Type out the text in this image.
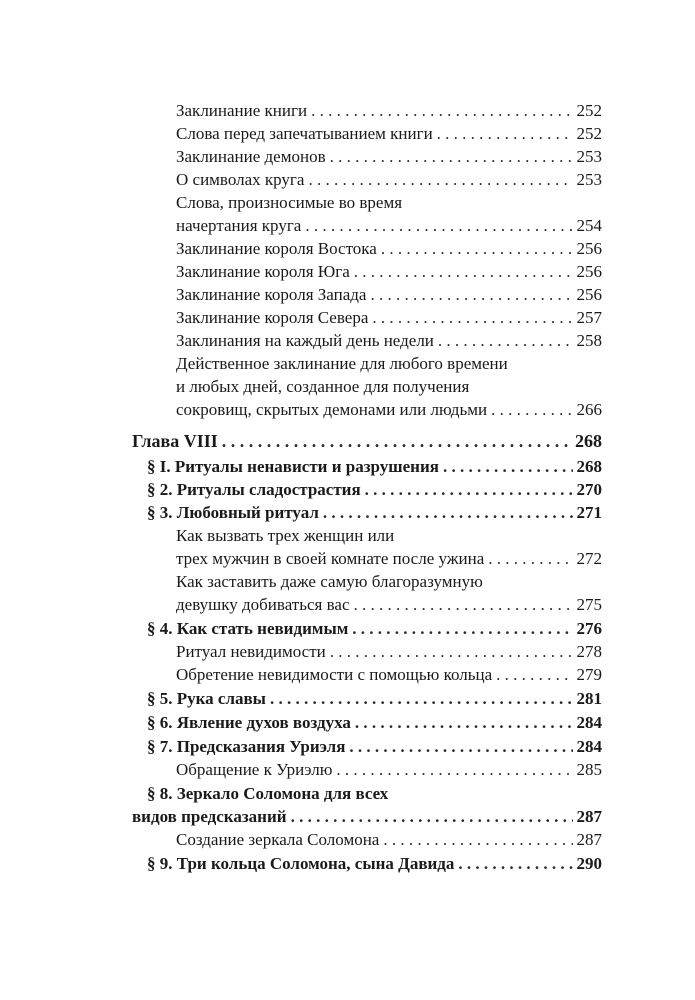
Заклинание книги . . .	252
Слова перед запечатыванием книги . . .	252
Заклинание демонов . . .	253
О символах круга . . .	253
Слова, произносимые во время
начертания круга . . .	254
Заклинание короля Востока . . .	256
Заклинание короля Юга . . .	256
Заклинание короля Запада . . .	256
Заклинание короля Севера . . .	257
Заклинания на каждый день недели . . .	258
Действенное заклинание для любого времени
и любых дней, созданное для получения
сокровищ, скрытых демонами или людьми . . .	266
Глава VIII . . .	268
§ I. Ритуалы ненависти и разрушения . . .	268
§ 2. Ритуалы сладострастия . . .	270
§ 3. Любовный ритуал . . .	271
Как вызвать трех женщин или
трех мужчин в своей комнате после ужина . . .	272
Как заставить даже самую благоразумную
девушку добиваться вас . . .	275
§ 4. Как стать невидимым . . .	276
Ритуал невидимости . . .	278
Обретение невидимости с помощью кольца . . .	279
§ 5. Рука славы . . .	281
§ 6. Явление духов воздуха . . .	284
§ 7. Предсказания Уриэля . . .	284
Обращение к Уриэлю . . .	285
§ 8. Зеркало Соломона для всех
видов предсказаний . . .	287
Создание зеркала Соломона . . .	287
§ 9. Три кольца Соломона, сына Давида . . .	290
